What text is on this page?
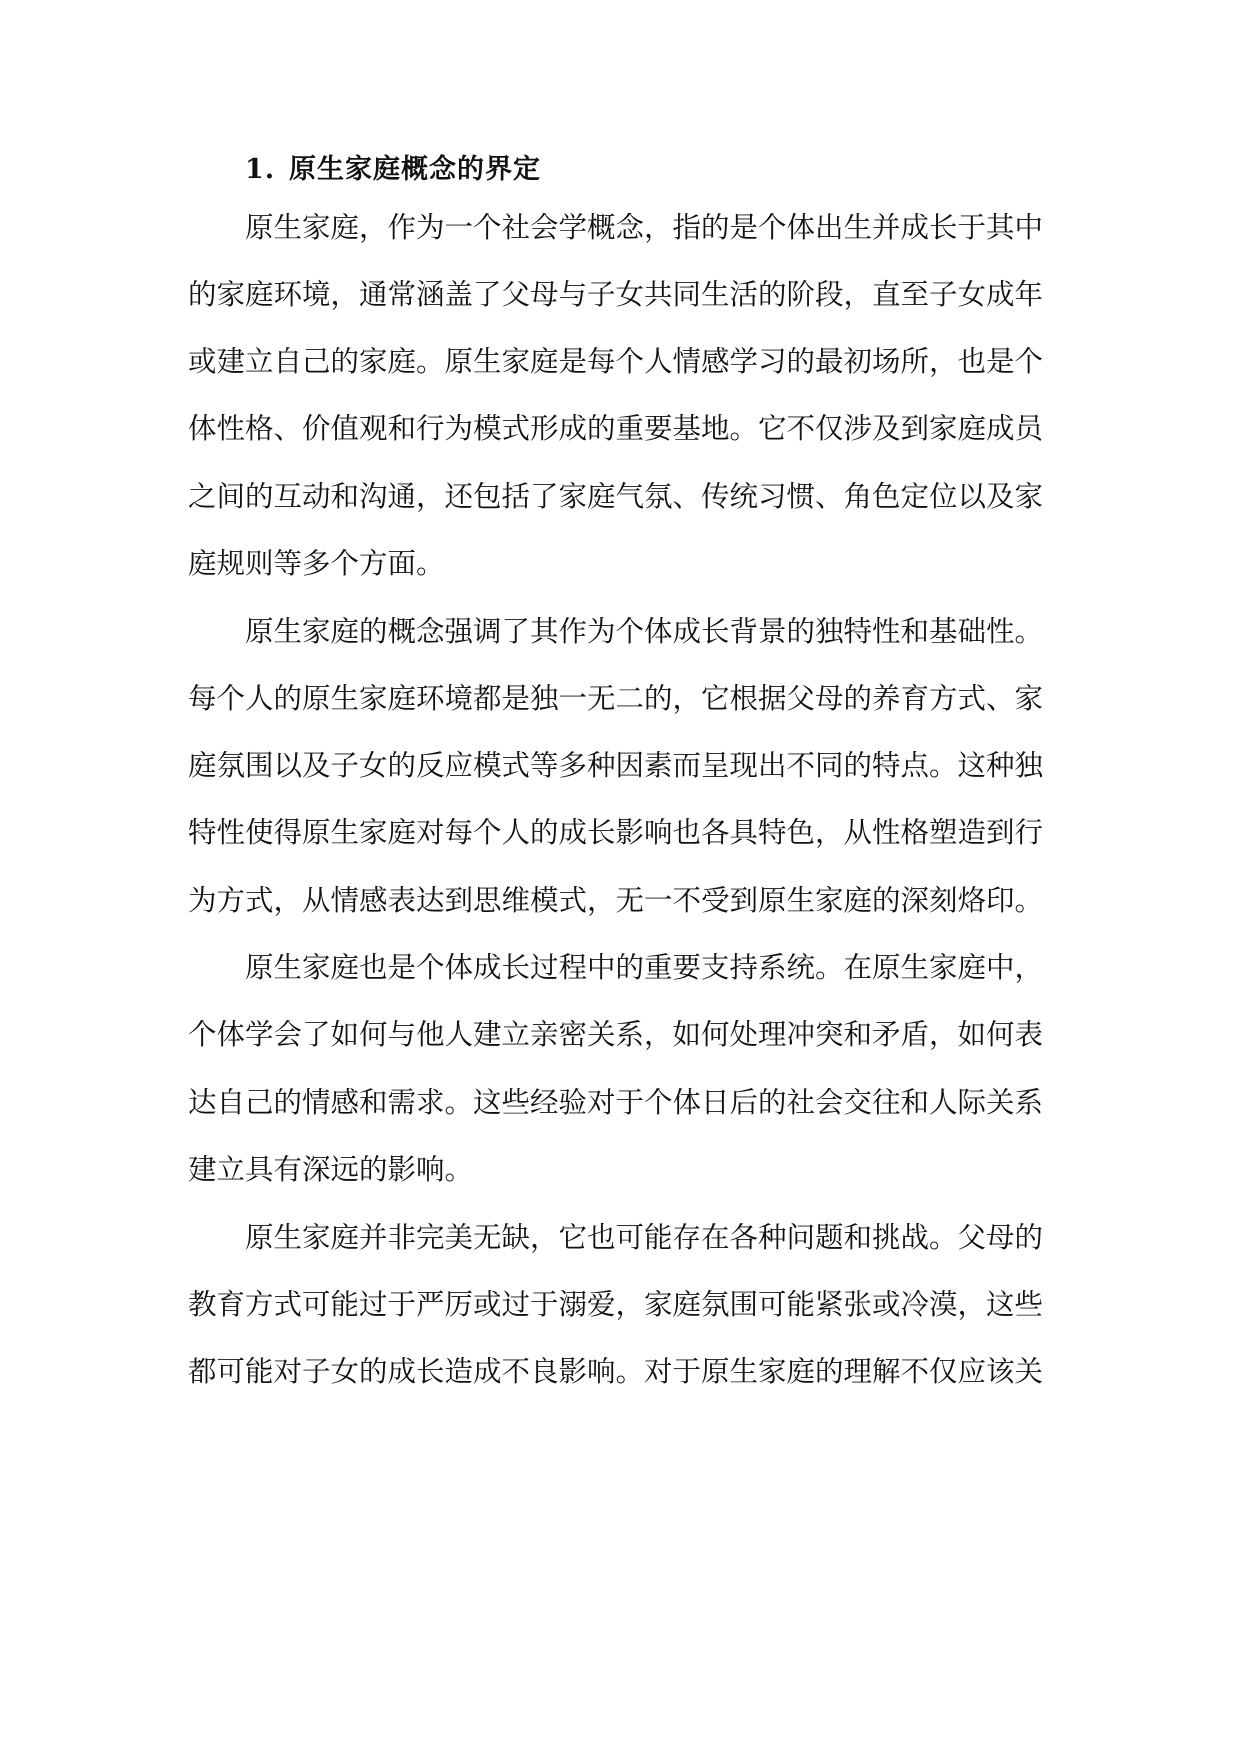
1. 原生家庭概念的界定

原生家庭，作为一个社会学概念，指的是个体出生并成长于其中

的家庭环境，通常涵盖了父母与子女共同生活的阶段，直至子女成年

或建立自己的家庭。原生家庭是每个人情感学习的最初场所，也是个

体性格、价值观和行为模式形成的重要基地。它不仅涉及到家庭成员

之间的互动和沟通，还包括了家庭气氛、传统习惯、角色定位以及家

庭规则等多个方面。

原生家庭的概念强调了其作为个体成长背景的独特性和基础性。

每个人的原生家庭环境都是独一无二的，它根据父母的养育方式、家

庭氛围以及子女的反应模式等多种因素而呈现出不同的特点。这种独

特性使得原生家庭对每个人的成长影响也各具特色，从性格塑造到行

为方式，从情感表达到思维模式，无一不受到原生家庭的深刻烙印。

原生家庭也是个体成长过程中的重要支持系统。在原生家庭中，

个体学会了如何与他人建立亲密关系，如何处理冲突和矛盾，如何表

达自己的情感和需求。这些经验对于个体日后的社会交往和人际关系

建立具有深远的影响。

原生家庭并非完美无缺，它也可能存在各种问题和挑战。父母的

教育方式可能过于严厉或过于溺爱，家庭氛围可能紧张或冷漠，这些

都可能对子女的成长造成不良影响。对于原生家庭的理解不仅应该关
